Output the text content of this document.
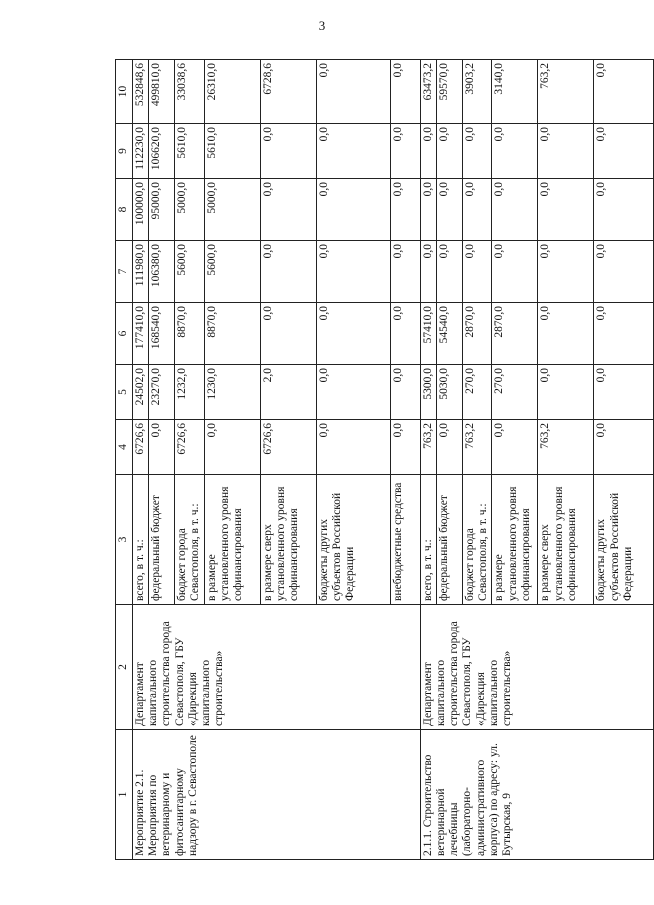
3
1	2	3	4	5	6	7	8	9	10
Мероприятие 2.1. Мероприятия по ветеринарному и фитосанитарному надзору в г. Севастополе	Департамент капитального строительства города Севастополя, ГБУ «Дирекция капитального строительства»	всего, в т. ч.:	6726,6	24502,0	177410,0	111980,0	100000,0	112230,0	532848,6
		федеральный бюджет	0,0	23270,0	168540,0	106380,0	95000,0	106620,0	499810,0
		бюджет города Севастополя, в т. ч.:	6726,6	1232,0	8870,0	5600,0	5000,0	5610,0	33038,6
		в размере установленного уровня софинансирования	0,0	1230,0	8870,0	5600,0	5000,0	5610,0	26310,0
		в размере сверх установленного уровня софинансирования	6726,6	2,0	0,0	0,0	0,0	0,0	6728,6
		бюджеты других субъектов Российской Федерации	0,0	0,0	0,0	0,0	0,0	0,0	0,0
		внебюджетные средства	0,0	0,0	0,0	0,0	0,0	0,0	0,0
2.1.1. Строительство ветеринарной лечебницы (лабораторно-административного корпуса) по адресу: ул. Бутырская, 9	Департамент капитального строительства города Севастополя, ГБУ «Дирекция капитального строительства»	всего, в т. ч.:	763,2	5300,0	57410,0	0,0	0,0	0,0	63473,2
		федеральный бюджет	0,0	5030,0	54540,0	0,0	0,0	0,0	59570,0
		бюджет города Севастополя, в т. ч.:	763,2	270,0	2870,0	0,0	0,0	0,0	3903,2
		в размере установленного уровня софинансирования	0,0	270,0	2870,0	0,0	0,0	0,0	3140,0
		в размере сверх установленного уровня софинансирования	763,2	0,0	0,0	0,0	0,0	0,0	763,2
		бюджеты других субъектов Российской Федерации	0,0	0,0	0,0	0,0	0,0	0,0	0,0
